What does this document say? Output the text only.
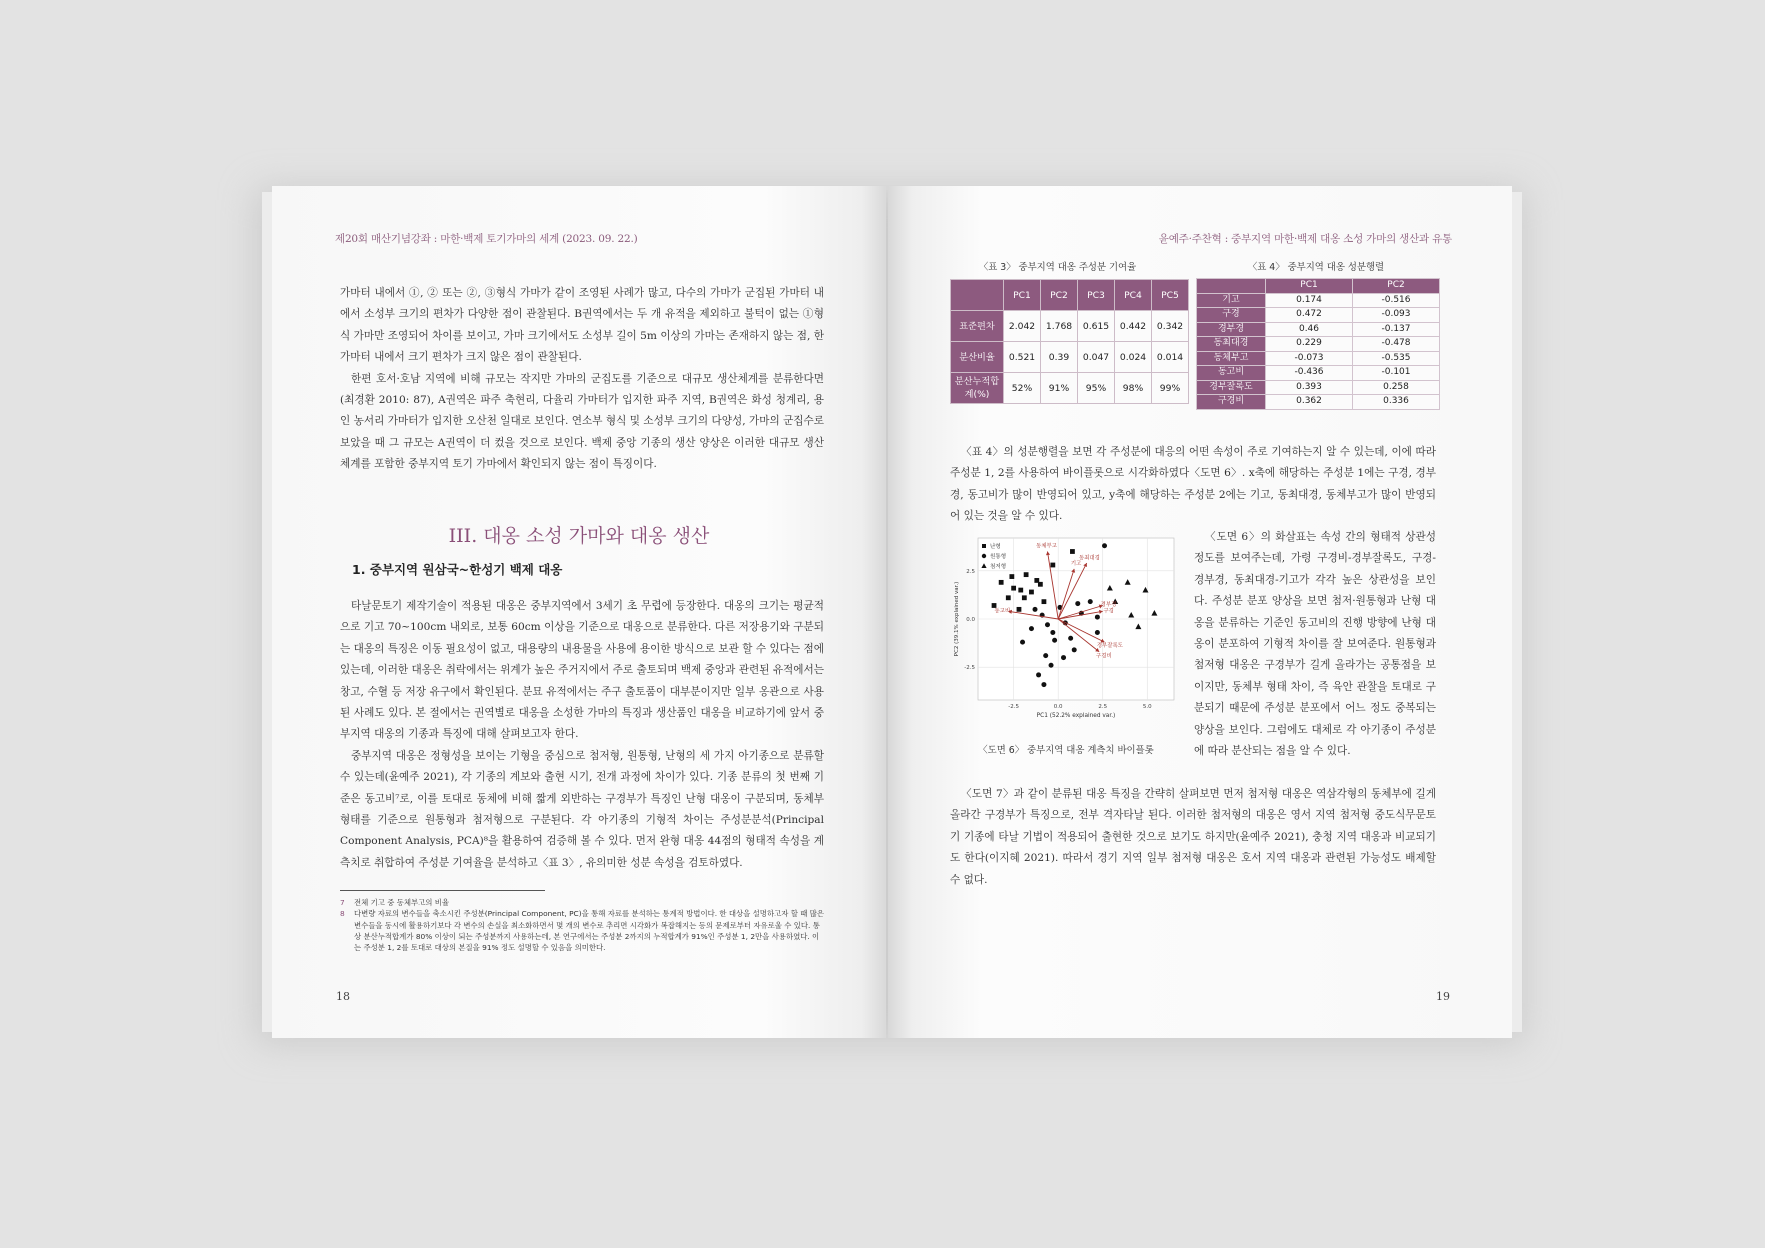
제20회 매산기념강좌 : 마한·백제 토기가마의 세계 (2023. 09. 22.)

가마터 내에서 ①, ② 또는 ②, ③형식 가마가 같이 조영된 사례가 많고, 다수의 가마가 군집된 가마터 내에서 소성부 크기의 편차가 다양한 점이 관찰된다. B권역에서는 두 개 유적을 제외하고 불턱이 없는 ①형식 가마만 조영되어 차이를 보이고, 가마 크기에서도 소성부 길이 5m 이상의 가마는 존재하지 않는 점, 한 가마터 내에서 크기 편차가 크지 않은 점이 관찰된다.

한편 호서·호남 지역에 비해 규모는 작지만 가마의 군집도를 기준으로 대규모 생산체계를 분류한다면(최경환 2010: 87), A권역은 파주 축현리, 다율리 가마터가 입지한 파주 지역, B권역은 화성 청계리, 용인 농서리 가마터가 입지한 오산천 일대로 보인다. 연소부 형식 및 소성부 크기의 다양성, 가마의 군집수로 보았을 때 그 규모는 A권역이 더 컸을 것으로 보인다. 백제 중앙 기종의 생산 양상은 이러한 대규모 생산체계를 포함한 중부지역 토기 가마에서 확인되지 않는 점이 특징이다.

III. 대옹 소성 가마와 대옹 생산
1. 중부지역 원삼국~한성기 백제 대옹

타날문토기 제작기술이 적용된 대옹은 중부지역에서 3세기 초 무렵에 등장한다. 대옹의 크기는 평균적으로 기고 70~100cm 내외로, 보통 60cm 이상을 기준으로 대옹으로 분류한다. 다른 저장용기와 구분되는 대옹의 특징은 이동 필요성이 없고, 대용량의 내용물을 사용에 용이한 방식으로 보관 할 수 있다는 점에 있는데, 이러한 대옹은 취락에서는 위계가 높은 주거지에서 주로 출토되며 백제 중앙과 관련된 유적에서는 창고, 수혈 등 저장 유구에서 확인된다. 분묘 유적에서는 주구 출토품이 대부분이지만 일부 옹관으로 사용된 사례도 있다. 본 절에서는 권역별로 대옹을 소성한 가마의 특징과 생산품인 대옹을 비교하기에 앞서 중부지역 대옹의 기종과 특징에 대해 살펴보고자 한다.

중부지역 대옹은 정형성을 보이는 기형을 중심으로 첨저형, 원통형, 난형의 세 가지 아기종으로 분류할 수 있는데(윤예주 2021), 각 기종의 계보와 출현 시기, 전개 과정에 차이가 있다. 기종 분류의 첫 번째 기준은 동고비⁷로, 이를 토대로 동체에 비해 짧게 외반하는 구경부가 특징인 난형 대옹이 구분되며, 동체부 형태를 기준으로 원통형과 첨저형으로 구분된다. 각 아기종의 기형적 차이는 주성분분석(Principal Component Analysis, PCA)⁸을 활용하여 검증해 볼 수 있다. 먼저 완형 대옹 44점의 형태적 속성을 계측치로 취합하여 주성분 기여율을 분석하고〈표 3〉, 유의미한 성분 속성을 검토하였다.

7	전체 기고 중 동체부고의 비율
8	다변량 자료의 변수들을 축소시킨 주성분(Principal Component, PC)을 통해 자료를 분석하는 통계적 방법이다. 한 대상을 설명하고자 할 때 많은 변수들을 동시에 활용하기보다 각 변수의 손실을 최소화하면서 몇 개의 변수로 추리면 시각화가 복잡해지는 등의 문제로부터 자유로울 수 있다. 통상 분산누적합계가 80% 이상이 되는 주성분까지 사용하는데, 본 연구에서는 주성분 2까지의 누적합계가 91%인 주성분 1, 2만을 사용하였다. 이는 주성분 1, 2를 토대로 대상의 본질을 91% 정도 설명할 수 있음을 의미한다.
18
윤예주·주찬혁 : 중부지역 마한·백제 대옹 소성 가마의 생산과 유통
〈표 3〉 중부지역 대옹 주성분 기여율
	PC1	PC2	PC3	PC4	PC5
표준편차	2.042	1.768	0.615	0.442	0.342
분산비율	0.521	0.39	0.047	0.024	0.014
분산누적합계(%)	52%	91%	95%	98%	99%
〈표 4〉 중부지역 대옹 성분행렬
	PC1	PC2
기고	0.174	-0.516
구경	0.472	-0.093
경부경	0.46	-0.137
동최대경	0.229	-0.478
동체부고	-0.073	-0.535
동고비	-0.436	-0.101
경부잘록도	0.393	0.258
구경비	0.362	0.336

〈표 4〉의 성분행렬을 보면 각 주성분에 대응의 어떤 속성이 주로 기여하는지 알 수 있는데, 이에 따라 주성분 1, 2를 사용하여 바이플롯으로 시각화하였다〈도면 6〉. x축에 해당하는 주성분 1에는 구경, 경부경, 동고비가 많이 반영되어 있고, y축에 해당하는 주성분 2에는 기고, 동최대경, 동체부고가 많이 반영되어 있는 것을 알 수 있다.

-2.5	0.0	2.5	5.0
2.5
0.0
-2.5
PC1 (52.2% explained var.)
PC2 (39.1% explained var.)
동체부고
기고
동최대경
동고비
경부경
구경
경부잘록도
구경비
난형
원통형
첨저형
〈도면 6〉 중부지역 대옹 계측치 바이플롯

〈도면 6〉의 화살표는 속성 간의 형태적 상관성 정도를 보여주는데, 가령 구경비-경부잘록도, 구경-경부경, 동최대경-기고가 각각 높은 상관성을 보인다. 주성분 분포 양상을 보면 첨저·원통형과 난형 대옹을 분류하는 기준인 동고비의 진행 방향에 난형 대옹이 분포하여 기형적 차이를 잘 보여준다. 원통형과 첨저형 대옹은 구경부가 길게 올라가는 공통점을 보이지만, 동체부 형태 차이, 즉 육안 관찰을 토대로 구분되기 때문에 주성분 분포에서 어느 정도 중복되는 양상을 보인다. 그럼에도 대체로 각 아기종이 주성분에 따라 분산되는 점을 알 수 있다.

〈도면 7〉과 같이 분류된 대옹 특징을 간략히 살펴보면 먼저 첨저형 대옹은 역삼각형의 동체부에 길게 올라간 구경부가 특징으로, 전부 격자타날 된다. 이러한 첨저형의 대옹은 영서 지역 첨저형 중도식무문토기 기종에 타날 기법이 적용되어 출현한 것으로 보기도 하지만(윤예주 2021), 충청 지역 대옹과 비교되기도 한다(이지혜 2021). 따라서 경기 지역 일부 첨저형 대옹은 호서 지역 대옹과 관련된 가능성도 배제할 수 없다.

19
